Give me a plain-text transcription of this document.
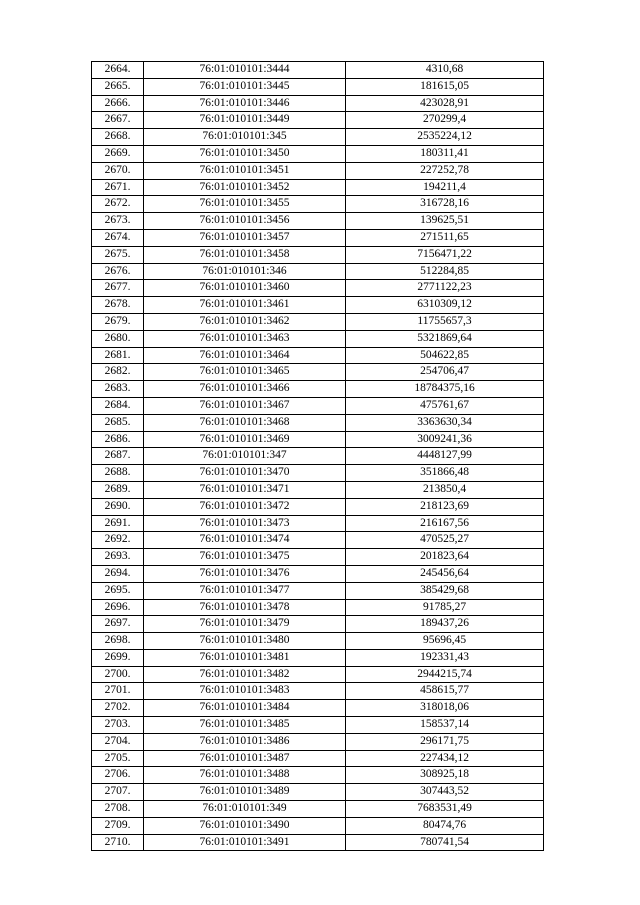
2664.	76:01:010101:3444	4310,68
2665.	76:01:010101:3445	181615,05
2666.	76:01:010101:3446	423028,91
2667.	76:01:010101:3449	270299,4
2668.	76:01:010101:345	2535224,12
2669.	76:01:010101:3450	180311,41
2670.	76:01:010101:3451	227252,78
2671.	76:01:010101:3452	194211,4
2672.	76:01:010101:3455	316728,16
2673.	76:01:010101:3456	139625,51
2674.	76:01:010101:3457	271511,65
2675.	76:01:010101:3458	7156471,22
2676.	76:01:010101:346	512284,85
2677.	76:01:010101:3460	2771122,23
2678.	76:01:010101:3461	6310309,12
2679.	76:01:010101:3462	11755657,3
2680.	76:01:010101:3463	5321869,64
2681.	76:01:010101:3464	504622,85
2682.	76:01:010101:3465	254706,47
2683.	76:01:010101:3466	18784375,16
2684.	76:01:010101:3467	475761,67
2685.	76:01:010101:3468	3363630,34
2686.	76:01:010101:3469	3009241,36
2687.	76:01:010101:347	4448127,99
2688.	76:01:010101:3470	351866,48
2689.	76:01:010101:3471	213850,4
2690.	76:01:010101:3472	218123,69
2691.	76:01:010101:3473	216167,56
2692.	76:01:010101:3474	470525,27
2693.	76:01:010101:3475	201823,64
2694.	76:01:010101:3476	245456,64
2695.	76:01:010101:3477	385429,68
2696.	76:01:010101:3478	91785,27
2697.	76:01:010101:3479	189437,26
2698.	76:01:010101:3480	95696,45
2699.	76:01:010101:3481	192331,43
2700.	76:01:010101:3482	2944215,74
2701.	76:01:010101:3483	458615,77
2702.	76:01:010101:3484	318018,06
2703.	76:01:010101:3485	158537,14
2704.	76:01:010101:3486	296171,75
2705.	76:01:010101:3487	227434,12
2706.	76:01:010101:3488	308925,18
2707.	76:01:010101:3489	307443,52
2708.	76:01:010101:349	7683531,49
2709.	76:01:010101:3490	80474,76
2710.	76:01:010101:3491	780741,54
